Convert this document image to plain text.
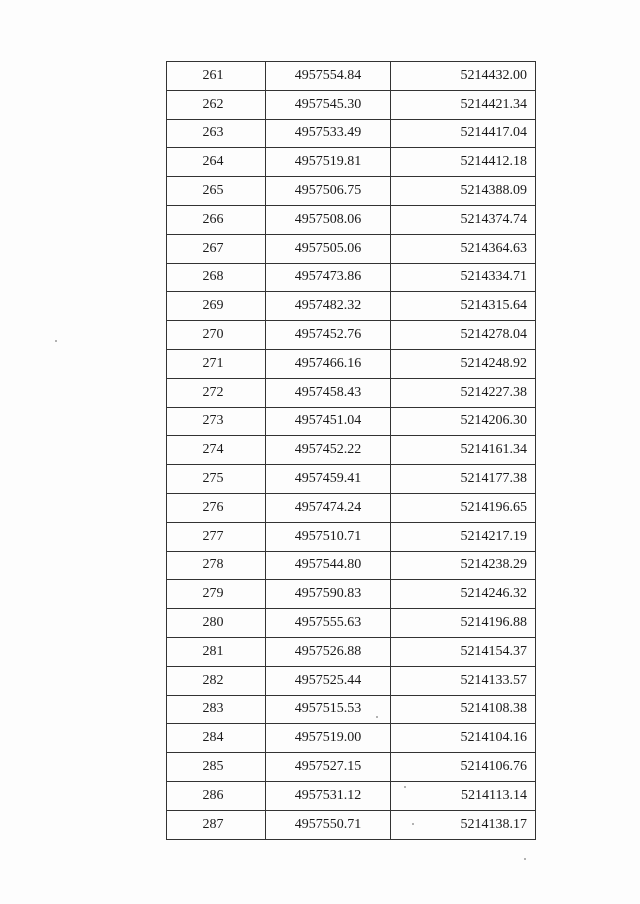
261	4957554.84	5214432.00
262	4957545.30	5214421.34
263	4957533.49	5214417.04
264	4957519.81	5214412.18
265	4957506.75	5214388.09
266	4957508.06	5214374.74
267	4957505.06	5214364.63
268	4957473.86	5214334.71
269	4957482.32	5214315.64
270	4957452.76	5214278.04
271	4957466.16	5214248.92
272	4957458.43	5214227.38
273	4957451.04	5214206.30
274	4957452.22	5214161.34
275	4957459.41	5214177.38
276	4957474.24	5214196.65
277	4957510.71	5214217.19
278	4957544.80	5214238.29
279	4957590.83	5214246.32
280	4957555.63	5214196.88
281	4957526.88	5214154.37
282	4957525.44	5214133.57
283	4957515.53	5214108.38
284	4957519.00	5214104.16
285	4957527.15	5214106.76
286	4957531.12	5214113.14
287	4957550.71	5214138.17
